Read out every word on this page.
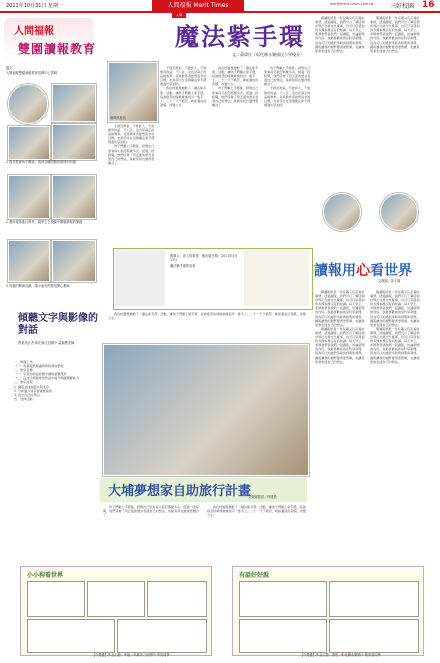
2011年10月31日 星期一	人間福報 Merit Times	mer@merit-times.com.tw	三好校園 16
人間福報
雙園讀報教育
園文
人間福報雙園讀報教育指導中心供稿
1 我在教育孩子閱讀，看到各種問題感覺特別有趣
2 運用報紙進行教學，讓學生在校園中體驗讀報的樂趣
3 有趣的閱讀活動，讓小朋友們都很開心參與
傾聽文字與影像的對話
教案設計者 彰化縣文昌國小 蕭瑞豐老師
一、準備工作：
（一）班級報紙閱讀與剪報資料整理
二、教學目標
（一）學習如何從新聞中擷取重要訊息
（二）從文字與影像的對話中提升閱讀理解能力
三、教學流程：
1. 讀報並找到圖片與文章。
2. 分析圖片並學習重要資訊。
3. 說出自己的想法。
四、延伸活動
人間
魔法紫手環
文／蔣偉民（彰化縣永樂國民小學校長）
蔣偉民校長

不抱怨教室，不批評人，不說無用的話，不八卦，這也是真正的品格教育。這是教育者最想追求的目標，也是學生在這個魔法紫手環裡面所學到的。

我在校園裡推動了「魔法紫手環」活動，讓孩子們戴上紫手環，每當抱怨的時候就換到另一隻手上。二十一天不抱怨，就能養成好習慣，改變人生。

我在校園裡推動了「魔法紫手環」活動，讓孩子們戴上紫手環，每當抱怨的時候就換到另一隻手上。二十一天不抱怨，就能養成好習慣，改變人生。

孩子們戴上手環後，發現自己原來每天抱怨那麼多次。經過一段時間，他們學會了用正面的語言表達自己的想法，班級氣氛也變得更融洽了。

孩子們戴上手環後，發現自己原來每天抱怨那麼多次。經過一段時間，他們學會了用正面的語言表達自己的想法，班級氣氛也變得更融洽了。

不抱怨教室，不批評人，不說無用的話，不八卦，這也是真正的品格教育。這是教育者最想追求的目標，也是學生在這個魔法紫手環裡面所學到的。

不抱怨教室，不批評人，不說無用的話，不八卦，這也是真正的品格教育。這是教育者最想追求的目標，也是學生在這個魔法紫手環裡面所學到的。

孩子們戴上手環後，發現自己原來每天抱怨那麼多次。經過一段時間，他們學會了用正面的語言表達自己的想法，班級氣氛也變得更融洽了。

報導人：育人的事業　報出版日期：2011年3月17日
魔法紫手環的故事

我在校園裡推動了「魔法紫手環」活動，讓孩子們戴上紫手環，每當抱怨的時候就換到另一隻手上。二十一天不抱怨，就能養成好習慣，改變人生。

大埔夢想家自助旅行計畫
文與圖提供／林建昌

孩子們戴上手環後，發現自己原來每天抱怨那麼多次。經過一段時間，他們學會了用正面的語言表達自己的想法，班級氣氛也變得更融洽了。

我在校園裡推動了「魔法紫手環」活動，讓孩子們戴上紫手環，每當抱怨的時候就換到另一隻手上。二十一天不抱怨，就能養成好習慣，改變人生。

閱讀報紙是一件有趣又有意義的事情，透過讀報，我們可以了解這個世界正在發生什麼事，也可以學習到許多課本裡沒有的知識。每天早上，老師會帶領我們一起讀報，討論新聞的內容。我最喜歡看的是科學新聞，因為可以知道很多新的發明和發現。讀報讓我的視野變得更寬廣，也讓我更會表達自己的想法。

閱讀報紙是一件有趣又有意義的事情，透過讀報，我們可以了解這個世界正在發生什麼事，也可以學習到許多課本裡沒有的知識。每天早上，老師會帶領我們一起讀報，討論新聞的內容。我最喜歡看的是科學新聞，因為可以知道很多新的發明和發現。讀報讓我的視野變得更寬廣，也讓我更會表達自己的想法。

讀報用心看世界
文與圖／黃子瑜

閱讀報紙是一件有趣又有意義的事情，透過讀報，我們可以了解這個世界正在發生什麼事，也可以學習到許多課本裡沒有的知識。每天早上，老師會帶領我們一起讀報，討論新聞的內容。我最喜歡看的是科學新聞，因為可以知道很多新的發明和發現。讀報讓我的視野變得更寬廣，也讓我更會表達自己的想法。

閱讀報紙是一件有趣又有意義的事情，透過讀報，我們可以了解這個世界正在發生什麼事，也可以學習到許多課本裡沒有的知識。每天早上，老師會帶領我們一起讀報，討論新聞的內容。我最喜歡看的是科學新聞，因為可以知道很多新的發明和發現。讀報讓我的視野變得更寬廣，也讓我更會表達自己的想法。

閱讀報紙是一件有趣又有意義的事情，透過讀報，我們可以了解這個世界正在發生什麼事，也可以學習到許多課本裡沒有的知識。每天早上，老師會帶領我們一起讀報，討論新聞的內容。我最喜歡看的是科學新聞，因為可以知道很多新的發明和發現。讀報讓我的視野變得更寬廣，也讓我更會表達自己的想法。

閱讀報紙是一件有趣又有意義的事情，透過讀報，我們可以了解這個世界正在發生什麼事，也可以學習到許多課本裡沒有的知識。每天早上，老師會帶領我們一起讀報，討論新聞的內容。我最喜歡看的是科學新聞，因為可以知道很多新的發明和發現。讀報讓我的視野變得更寬廣，也讓我更會表達自己的想法。

小小狗看世界
【小漫畫】作品主題：幸福／高雄市三民國中 李宜同學
有話好好說
【小漫畫】作品主題：感恩／彰化縣永樂國小 龍家語同學
